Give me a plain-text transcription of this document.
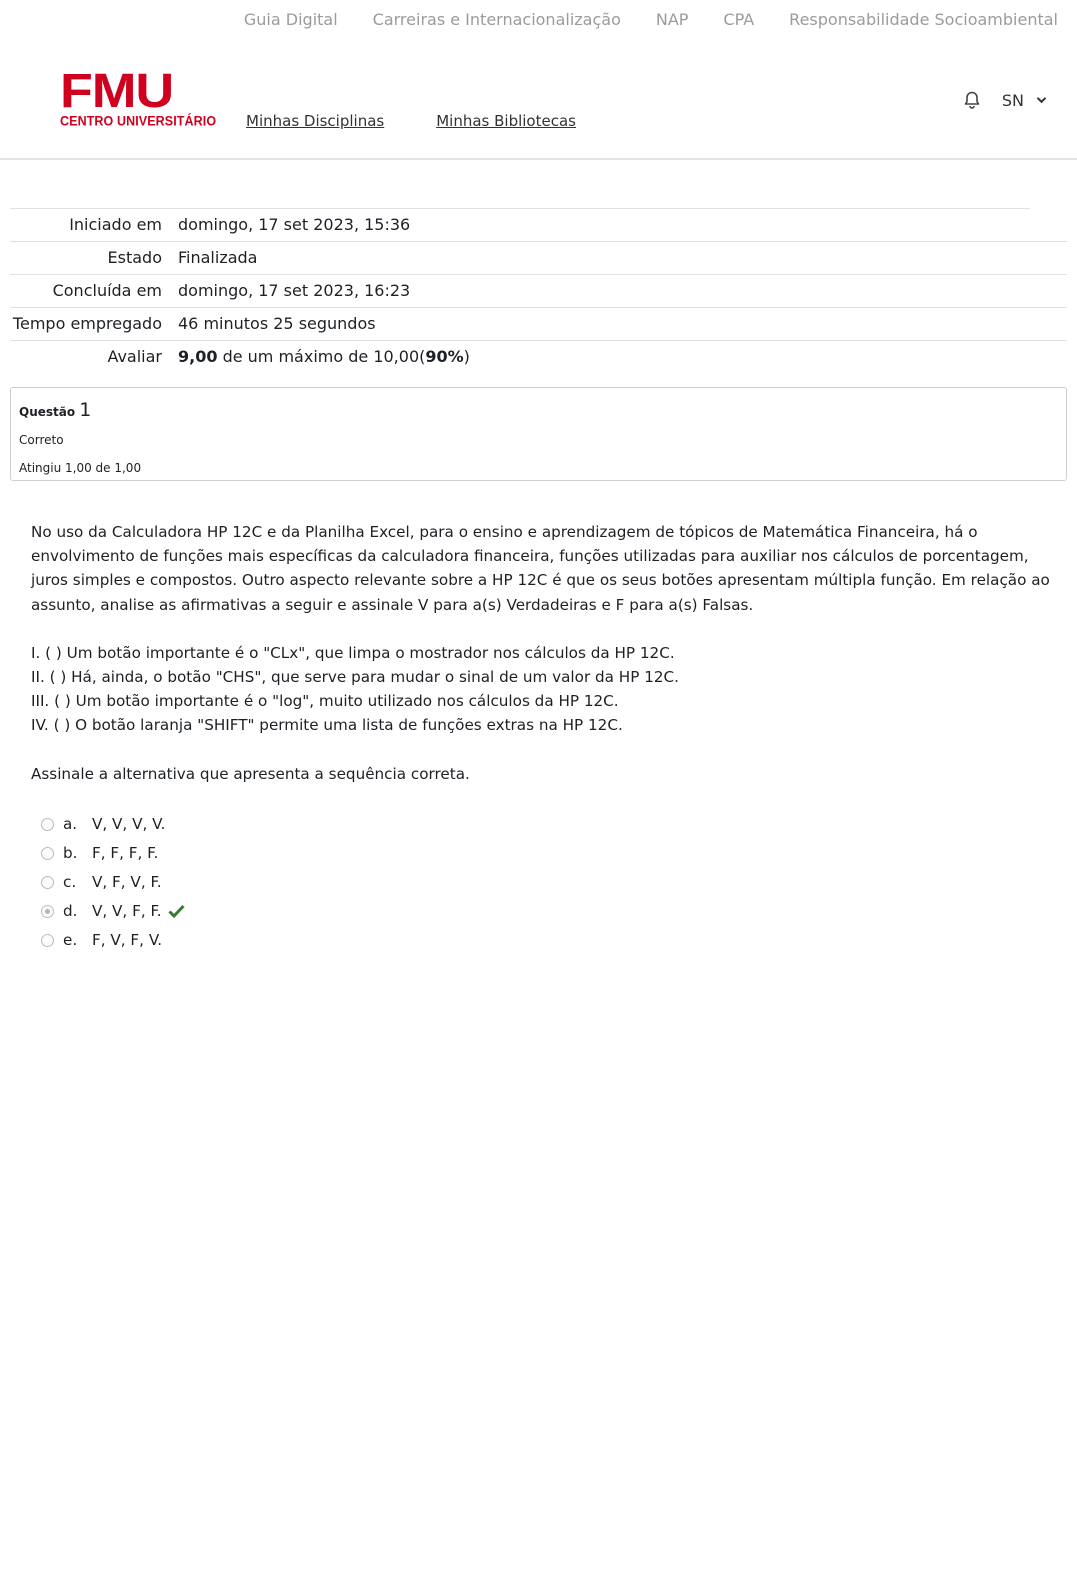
Guia Digital Carreiras e Internacionalização NAP CPA Responsabilidade Socioambiental
FMU
CENTRO UNIVERSITÁRIO Minhas Disciplinas	Minhas Bibliotecas
SN
Iniciado em	domingo, 17 set 2023, 15:36
Estado	Finalizada
Concluída em	domingo, 17 set 2023, 16:23
Tempo empregado	46 minutos 25 segundos
Avaliar	9,00 de um máximo de 10,00(90%)
Questão 1
Correto
Atingiu 1,00 de 1,00

No uso da Calculadora HP 12C e da Planilha Excel, para o ensino e aprendizagem de tópicos de Matemática Financeira, há o envolvimento de funções mais específicas da calculadora financeira, funções utilizadas para auxiliar nos cálculos de porcentagem, juros simples e compostos. Outro aspecto relevante sobre a HP 12C é que os seus botões apresentam múltipla função. Em relação ao assunto, analise as afirmativas a seguir e assinale V para a(s) Verdadeiras e F para a(s) Falsas.

I. ( ) Um botão importante é o "CLx", que limpa o mostrador nos cálculos da HP 12C.

II. ( ) Há, ainda, o botão "CHS", que serve para mudar o sinal de um valor da HP 12C.

III. ( ) Um botão importante é o "log", muito utilizado nos cálculos da HP 12C.

IV. ( ) O botão laranja "SHIFT" permite uma lista de funções extras na HP 12C.

Assinale a alternativa que apresenta a sequência correta.

a. V, V, V, V.
b. F, F, F, F.
c.	V, F, V, F.
d. V, V, F, F.
e. F, V, F, V.
